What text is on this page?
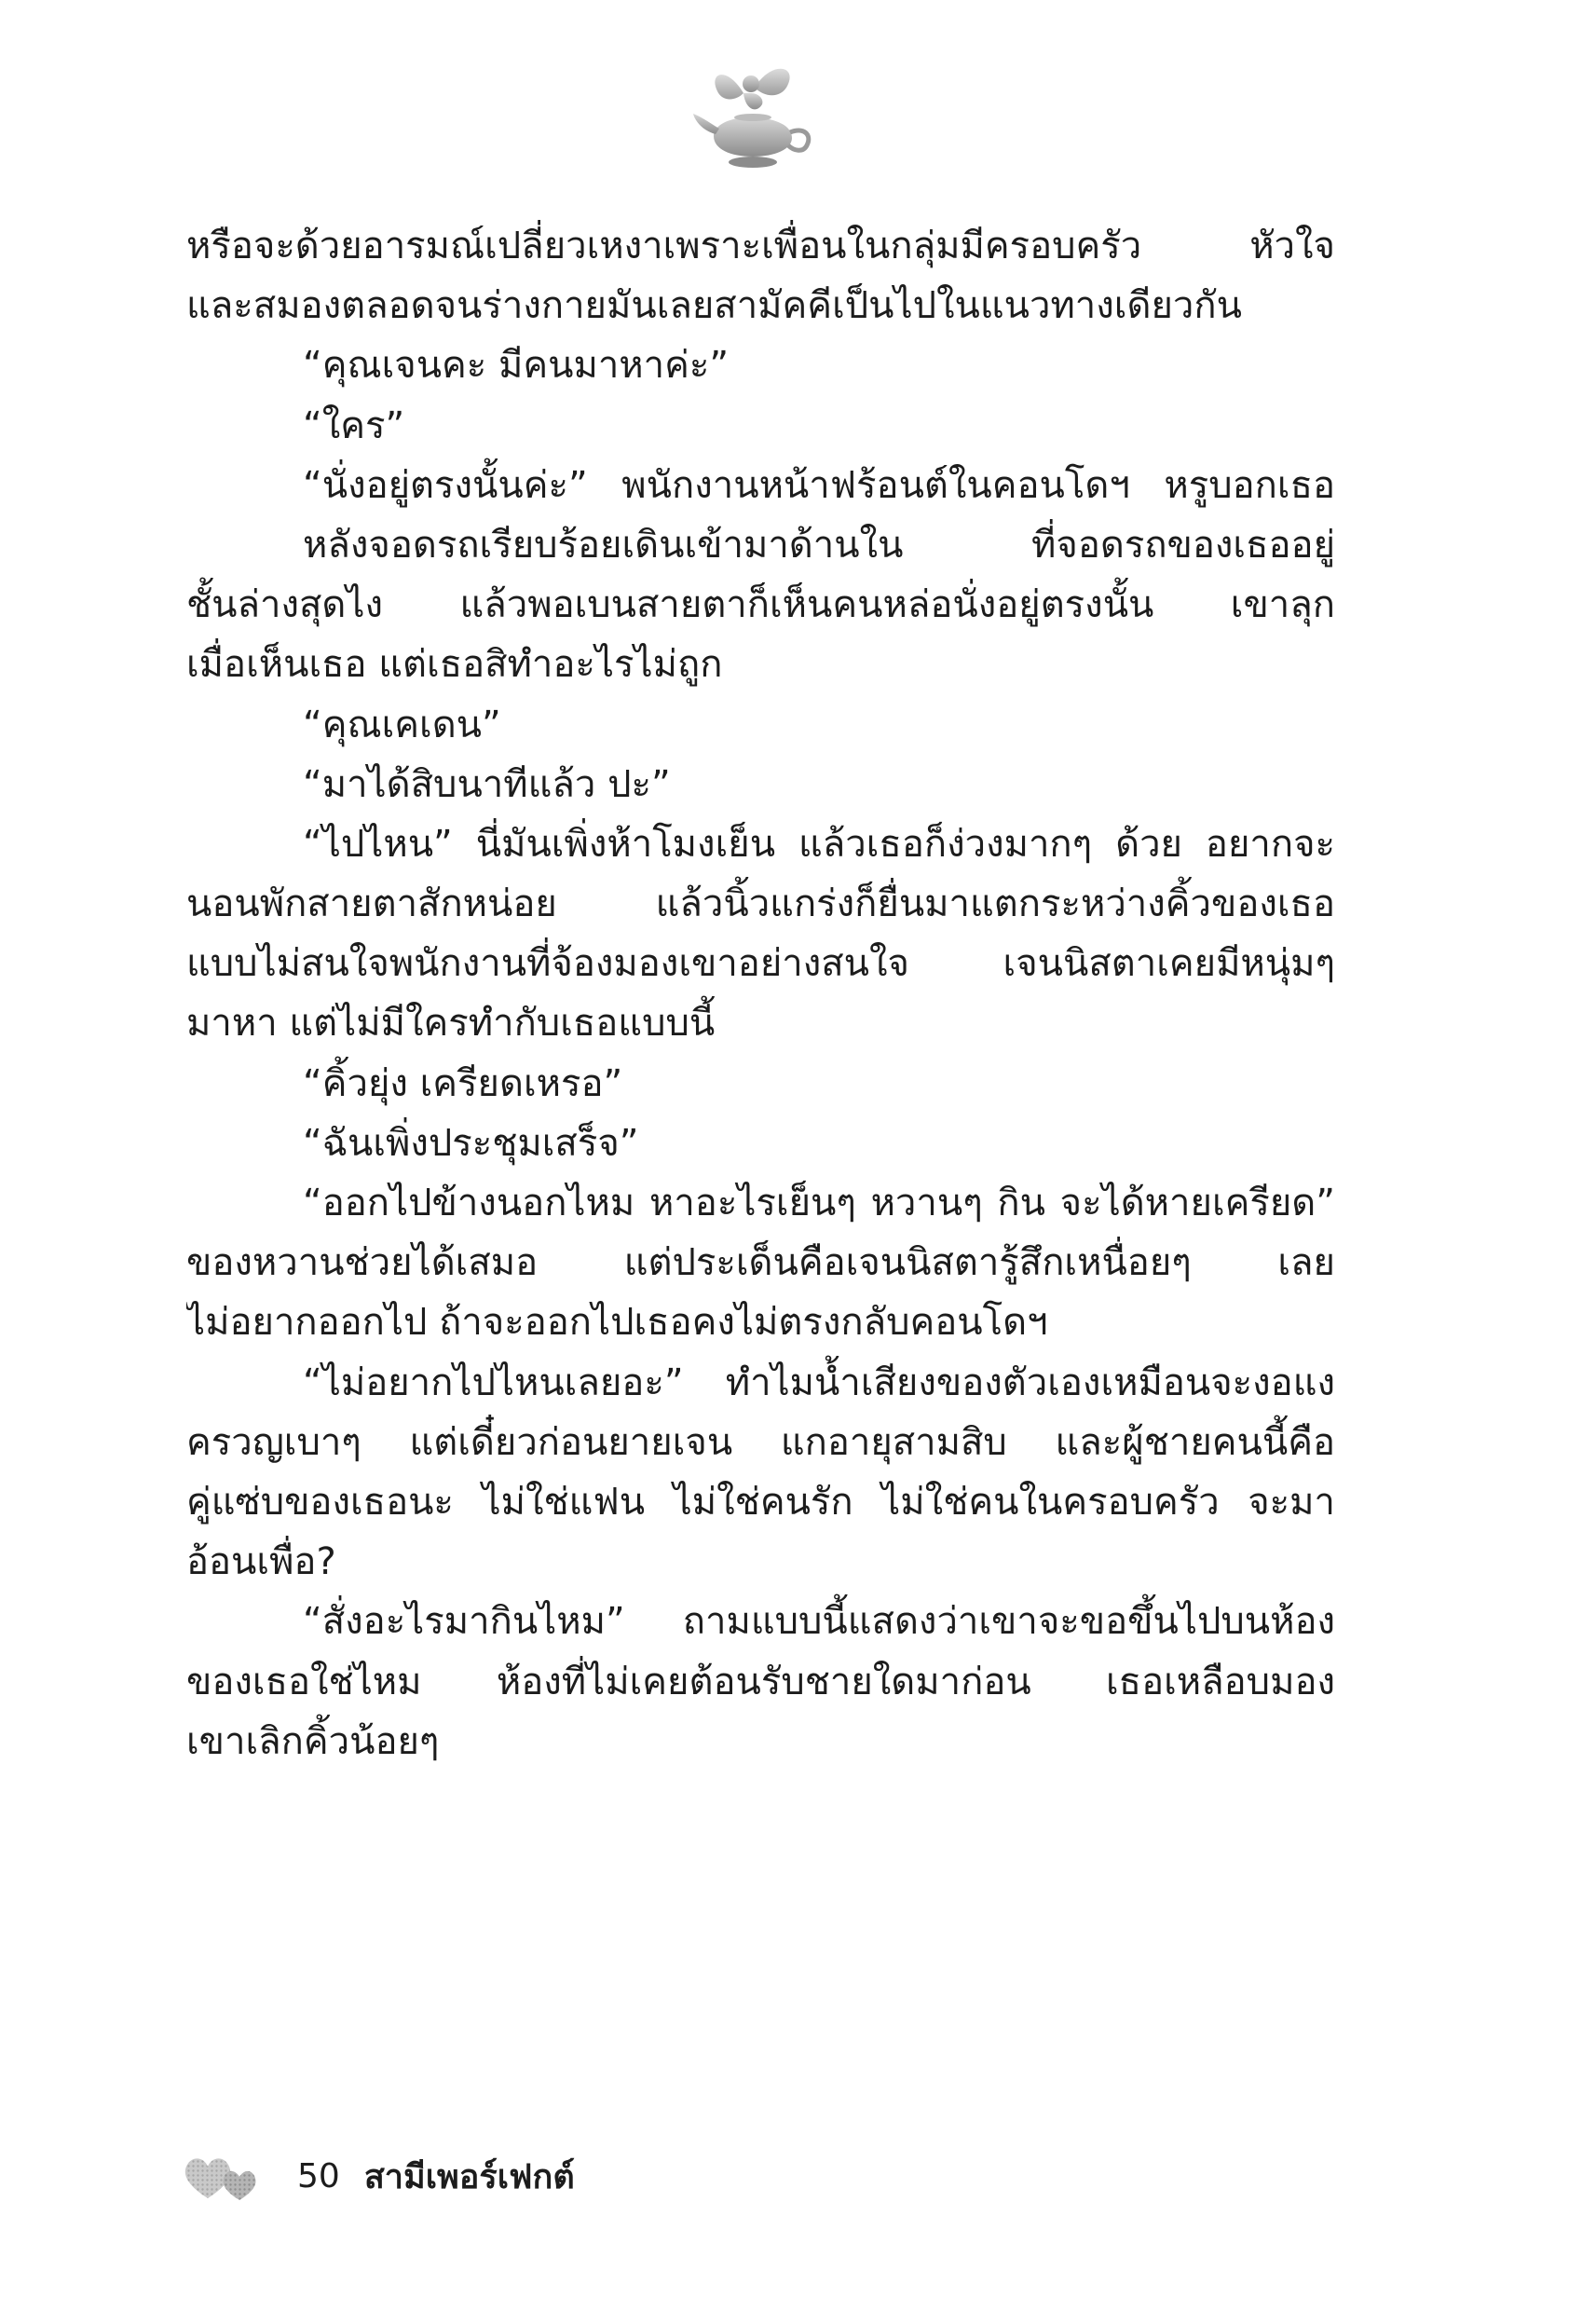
หรือจะด้วยอารมณ์เปลี่ยวเหงาเพราะเพื่อนในกลุ่มมีครอบครัว หัวใจ
และสมองตลอดจนร่างกายมันเลยสามัคคีเป็นไปในแนวทางเดียวกัน
“คุณเจนคะ มีคนมาหาค่ะ”
“ใคร”
“นั่งอยู่ตรงนั้นค่ะ” พนักงานหน้าฟร้อนต์ในคอนโดฯ หรูบอกเธอ
หลังจอดรถเรียบร้อยเดินเข้ามาด้านใน ที่จอดรถของเธออยู่
ชั้นล่างสุดไง แล้วพอเบนสายตาก็เห็นคนหล่อนั่งอยู่ตรงนั้น เขาลุก
เมื่อเห็นเธอ แต่เธอสิทำอะไรไม่ถูก
“คุณเคเดน”
“มาได้สิบนาทีแล้ว ปะ”
“ไปไหน” นี่มันเพิ่งห้าโมงเย็น แล้วเธอก็ง่วงมากๆ ด้วย อยากจะ
นอนพักสายตาสักหน่อย แล้วนิ้วแกร่งก็ยื่นมาแตกระหว่างคิ้วของเธอ
แบบไม่สนใจพนักงานที่จ้องมองเขาอย่างสนใจ เจนนิสตาเคยมีหนุ่มๆ
มาหา แต่ไม่มีใครทำกับเธอแบบนี้
“คิ้วยุ่ง เครียดเหรอ”
“ฉันเพิ่งประชุมเสร็จ”
“ออกไปข้างนอกไหม หาอะไรเย็นๆ หวานๆ กิน จะได้หายเครียด”
ของหวานช่วยได้เสมอ แต่ประเด็นคือเจนนิสตารู้สึกเหนื่อยๆ เลย
ไม่อยากออกไป ถ้าจะออกไปเธอคงไม่ตรงกลับคอนโดฯ
“ไม่อยากไปไหนเลยอะ” ทำไมน้ำเสียงของตัวเองเหมือนจะงอแง
ครวญเบาๆ แต่เดี๋ยวก่อนยายเจน แกอายุสามสิบ และผู้ชายคนนี้คือ
คู่แซ่บของเธอนะ ไม่ใช่แฟน ไม่ใช่คนรัก ไม่ใช่คนในครอบครัว จะมา
อ้อนเพื่อ?
“สั่งอะไรมากินไหม” ถามแบบนี้แสดงว่าเขาจะขอขึ้นไปบนห้อง
ของเธอใช่ไหม ห้องที่ไม่เคยต้อนรับชายใดมาก่อน เธอเหลือบมอง
เขาเลิกคิ้วน้อยๆ
50 สามีเพอร์เฟกต์
